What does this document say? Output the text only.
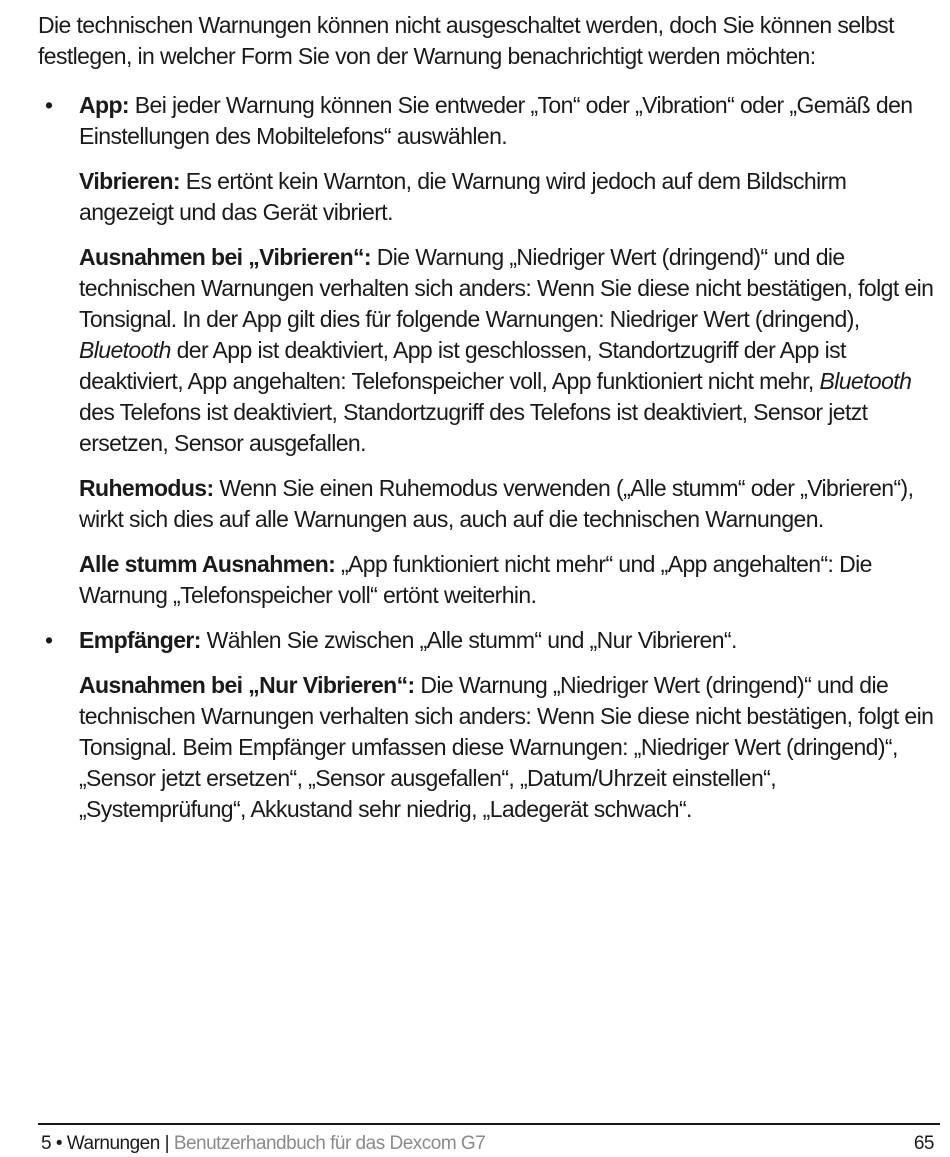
Die technischen Warnungen können nicht ausgeschaltet werden, doch Sie können selbst festlegen, in welcher Form Sie von der Warnung benachrichtigt werden möchten:

• App: Bei jeder Warnung können Sie entweder „Ton“ oder „Vibration“ oder „Gemäß den Einstellungen des Mobiltelefons“ auswählen.

Vibrieren: Es ertönt kein Warnton, die Warnung wird jedoch auf dem Bildschirm angezeigt und das Gerät vibriert.

Ausnahmen bei „Vibrieren“: Die Warnung „Niedriger Wert (dringend)“ und die technischen Warnungen verhalten sich anders: Wenn Sie diese nicht bestätigen, folgt ein Tonsignal. In der App gilt dies für folgende Warnungen: Niedriger Wert (dringend), Bluetooth der App ist deaktiviert, App ist geschlossen, Standortzugriff der App ist deaktiviert, App angehalten: Telefonspeicher voll, App funktioniert nicht mehr, Bluetooth des Telefons ist deaktiviert, Standortzugriff des Telefons ist deaktiviert, Sensor jetzt ersetzen, Sensor ausgefallen.

Ruhemodus: Wenn Sie einen Ruhemodus verwenden („Alle stumm“ oder „Vibrieren“), wirkt sich dies auf alle Warnungen aus, auch auf die technischen Warnungen.

Alle stumm Ausnahmen: „App funktioniert nicht mehr“ und „App angehalten“: Die Warnung „Telefonspeicher voll“ ertönt weiterhin.

• Empfänger: Wählen Sie zwischen „Alle stumm“ und „Nur Vibrieren“.

Ausnahmen bei „Nur Vibrieren“: Die Warnung „Niedriger Wert (dringend)“ und die technischen Warnungen verhalten sich anders: Wenn Sie diese nicht bestätigen, folgt ein Tonsignal. Beim Empfänger umfassen diese Warnungen: „Niedriger Wert (dringend)“, „Sensor jetzt ersetzen“, „Sensor ausgefallen“, „Datum/Uhrzeit einstellen“, „Systemprüfung“, Akkustand sehr niedrig, „Ladegerät schwach“.

5 • Warnungen | Benutzerhandbuch für das Dexcom G7	65
